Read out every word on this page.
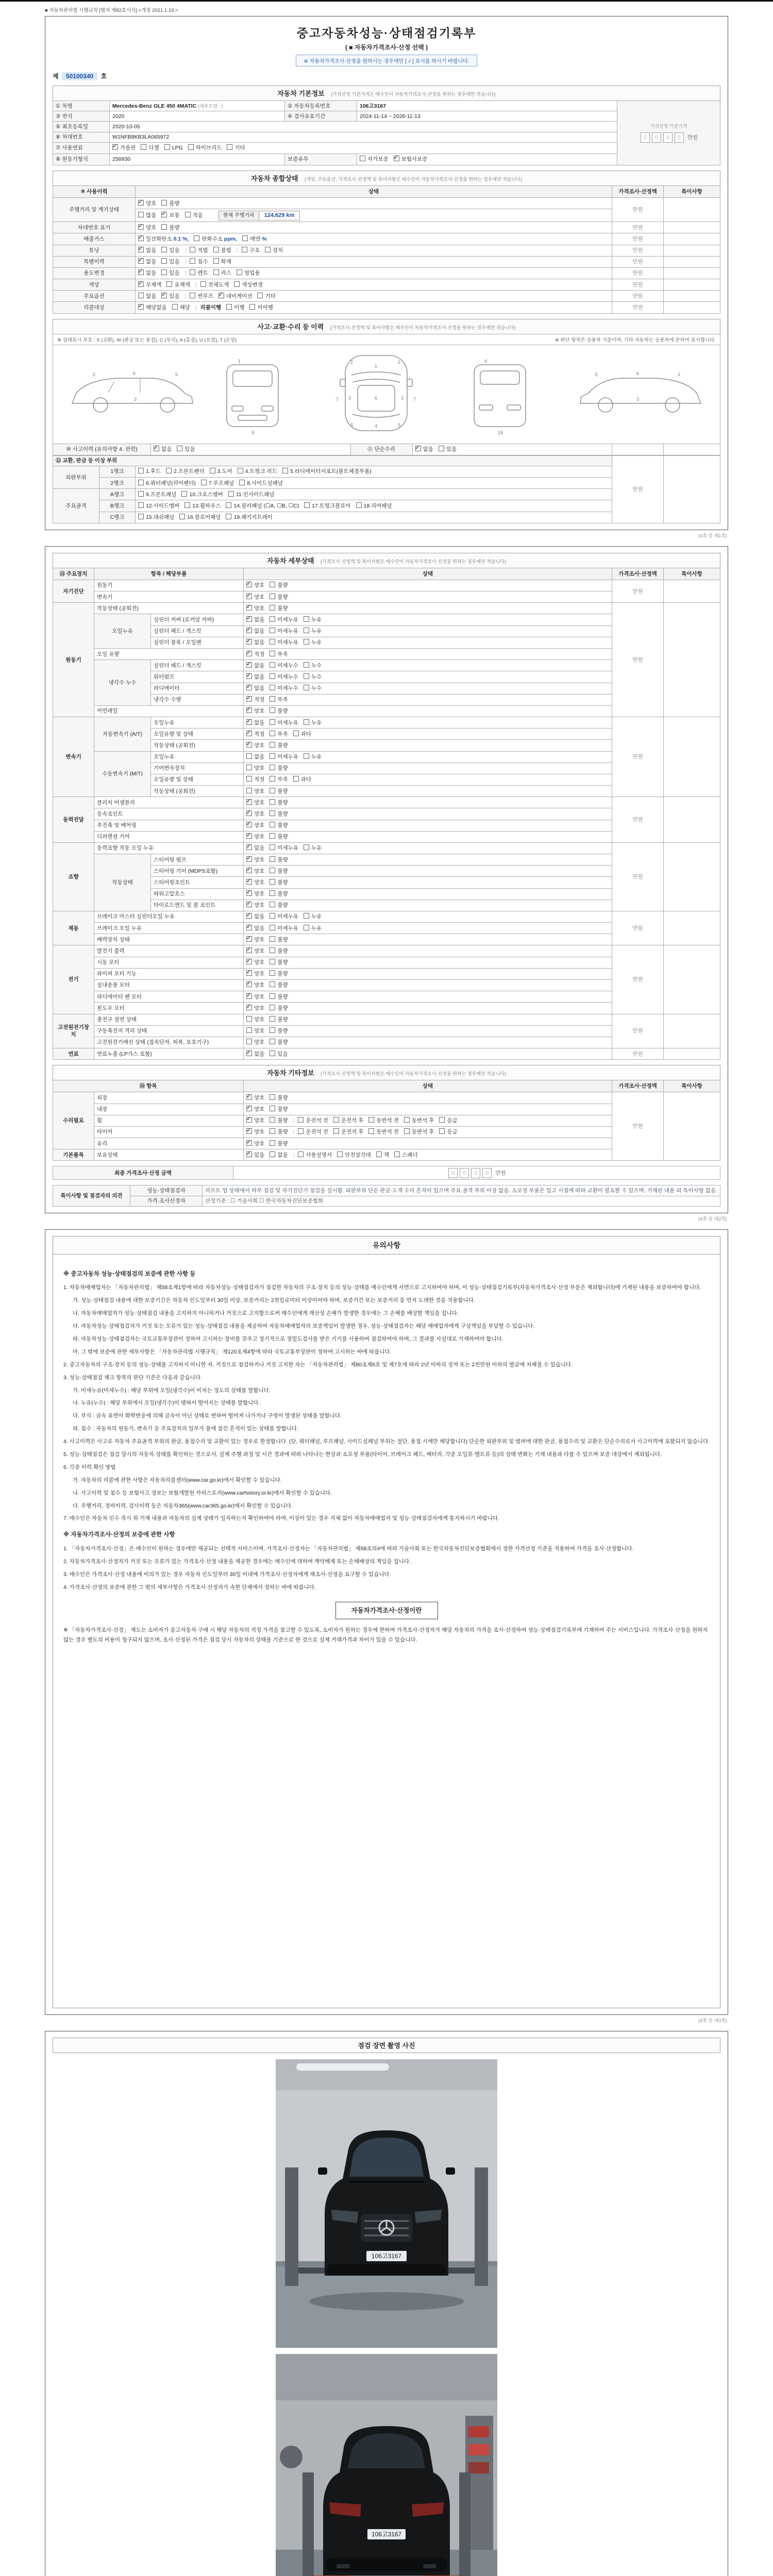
■ 자동차관리법 시행규칙 [별지 제82호서식] <개정 2021.1.19.>
중고자동차성능·상태점검기록부
( ■ 자동차가격조사·산정 선택 )
※ 자동차가격조사·산정을 원하시는 경우에만 [ √ ] 표시를 하시기 바랍니다.
제 50100340 호
자동차 기본정보 (가격산정 기준가격은 매수인이 자동차가격조사·산정을 원하는 경우에만 적습니다)
① 차명	Mercedes-Benz GLE 450 4MATIC (세부모델 : )	② 자동차등록번호	106고3167	가격산정 기준가격
0 0 0 0 만원

③ 연식	2020	④ 검사유효기간	2024-11-14 ~ 2026-11-13	
⑤ 최초등록일	2020-10-05			
⑥ 차대번호	W1NFB8KB3LA065972			
⑦ 사용연료	✓가솔린 디젤 LPG 하이브리드 기타
⑧ 원동기형식	256930	보증유무	자가보증 ✓ 보험사보증
자동차 종합상태 (색상, 주요옵션, 가격조사·산정액 및 특이사항은 매수인이 자동차가격조사·산정을 원하는 경우에만 적습니다)
⑨ 사용이력	상태	가격조사·산정액	특이사항
주행거리 및 계기상태	✓양호 불량	만원	
	많음 ✓ 보통 적음 현재 주행거리 124,629 km
차대번호 표기	✓양호 불량	만원	
배출가스	✓일산화탄소 0.1 %, 탄화수소 ppm, 매연 %	만원	
튜닝	✓없음 있음 | 적법 불법 | 구조 장치	만원	
특별이력	✓없음 있음 | 침수 화재	만원	
용도변경	✓없음 있음 | 렌트 리스 영업용	만원	
색상	✓무채색 유채색 | 전체도색 색상변경	만원	
주요옵션	없음 ✓ 있음 | 썬루프 ✓ 네비게이션 기타	만원	
리콜대상	✓해당없음 해당 | 리콜이행 이행 미이행	만원	
사고·교환·수리 등 이력 (가격조사·산정액 및 특이사항은 매수인이 자동차가격조사·산정을 원하는 경우에만 적습니다)
※ 상태표시 부호 : X (교환), W (판금 또는 용접), C (부식), A (흠집), U (요철), T (손상)	※ 하단 항목은 승용차 기준이며, 기타 자동차는 승용차에 준하여 표시합니다.
6
2	5
3
9
1
1
6
4
2	2
3	3
5	5
7	7
18
4
6	2
5
3
⑩ 사고이력 (유의사항 4. 관련)	✓없음 있음	⑪ 단순수리	✓없음 있음		
⑫ 교환, 판금 등 이상 부위			만원	
외판부위	1랭크	1.후드 2.프론트펜더 3.도어 4.트렁크 리드 5.라디에이터서포트(볼트체결부품)		
	2랭크	6.쿼터패널(리어펜더) 7.루프패널 8.사이드실패널		
주요골격	A랭크	9.프론트패널 10.크로스멤버 11.인사이드패널		
	B랭크	12.사이드멤버 13.휠하우스 14.필러패널 (☐A, ☐B, ☐C) 17.트렁크플로어 18.리어패널		
	C랭크	15.대쉬패널 16.플로어패널 19.패키지트레이		
(4쪽 중 제1쪽)
자동차 세부상태 (가격조사·산정액 및 특이사항은 매수인이 자동차가격조사·산정을 원하는 경우에만 적습니다)
⑬ 주요장치	항목 / 해당부품		상태	가격조사·산정액	특이사항
자기진단	원동기	✓양호 불량	만원	
	변속기	✓양호 불량
원동기	작동상태 (공회전)	✓양호 불량	만원	
	오일누유	실린더 커버 (로커암 커버)	✓없음 미세누유 누유
		실린더 헤드 / 개스킷	✓없음 미세누유 누유
		실린더 블록 / 오일팬	✓없음 미세누유 누유
	오일 유량	✓적정 부족
	냉각수 누수	실린더 헤드 / 개스킷	✓없음 미세누수 누수
		워터펌프	✓없음 미세누수 누수
		라디에이터	✓없음 미세누수 누수
		냉각수 수량	✓적정 부족
	커먼레일	✓양호 불량
변속기	자동변속기 (A/T)	오일누유	✓없음 미세누유 누유	만원	
		오일유량 및 상태	✓적정 부족 과다
		작동상태 (공회전)	✓양호 불량
	수동변속기 (M/T)	오일누유	없음 미세누유 누유		
		기어변속장치	양호 불량		
		오일유량 및 상태	적정 부족 과다		
		작동상태 (공회전)	양호 불량		
동력전달	클러치 어셈블리	✓양호 불량	만원	
	등속조인트	✓양호 불량
	추진축 및 베어링	✓양호 불량
	디퍼렌셜 기어	✓양호 불량
조향	동력조향 작동 오일 누유	✓없음 미세누유 누유	만원	
	작동상태	스티어링 펌프	✓양호 불량
		스티어링 기어 (MDPS포함)	✓양호 불량
		스티어링조인트	✓양호 불량
		파워고압호스	✓양호 불량
		타이로드엔드 및 볼 조인트	✓양호 불량
제동	브레이크 마스터 실린더오일 누유	✓없음 미세누유 누유	만원	
	브레이크 오일 누유	✓없음 미세누유 누유
	배력장치 상태	✓양호 불량
전기	발전기 출력	✓양호 불량	만원	
	시동 모터	✓양호 불량
	와이퍼 모터 기능	✓양호 불량
	실내송풍 모터	✓양호 불량
	라디에이터 팬 모터	✓양호 불량
	윈도우 모터	✓양호 불량
고전원전기장치	충전구 절연 상태		양호 불량	만원	
	구동축전지 격리 상태		양호 불량		
	고전원전기배선 상태 (접속단자, 피복, 보호기구)		양호 불량		
연료	연료누출 (LP가스 포함)	✓없음 있음	만원	
자동차 기타정보 (가격조사·산정액 및 특이사항은 매수인이 자동차가격조사·산정을 원하는 경우에만 적습니다)
⑭ 항목		상태	가격조사·산정액	특이사항
수리필요	외장	✓양호 불량	만원	
	내장	✓양호 불량
	휠	✓양호 불량 | 운전석 전 운전석 후 동반석 전 동반석 후 응급
	타이어	✓양호 불량 | 운전석 전 운전석 후 동반석 전 동반석 후 응급
	유리	✓양호 불량
기본품목	보유상태	✓있음 없음 | 사용설명서 안전삼각대 잭 스패너
최종 가격조사·산정 금액	0 0 0 0 만원
특이사항 및 점검자의 의견	성능·상태점검자	리프트 업 상태에서 하부 점검 및 자기진단기 점검을 실시함. 외판부위 단순 판금·도색 수리 흔적이 있으며 주요 골격 부위 이상 없음. 소모성 부품은 입고 시점에 따라 교환이 필요할 수 있으며, 기재된 내용 외 특이사항 없음.
	가격·조사산정자	산정기준 : ☐ 기술사회 ☐ 한국자동차진단보증협회
(4쪽 중 제2쪽)
유의사항
※ 중고자동차 성능·상태점검의 보증에 관한 사항 등
1. 자동차매매업자는 「자동차관리법」 제58조제1항에 따라 자동차성능·상태점검자가 점검한 자동차의 구조·장치 등의 성능·상태를 매수인에게 서면으로 고지하여야 하며, 이 성능·상태점검기록부(자동차가격조사·산정 부분은 제외합니다)에 기재된 내용을 보증하여야 합니다.
가. 성능·상태점검 내용에 대한 보증기간은 자동차 인도일부터 30일 이상, 보증거리는 2천킬로미터 이상이어야 하며, 보증기간 또는 보증거리 중 먼저 도래한 것을 적용합니다.
나. 자동차매매업자가 성능·상태점검 내용을 고지하지 아니하거나 거짓으로 고지함으로써 매수인에게 재산상 손해가 발생한 경우에는 그 손해를 배상할 책임을 집니다.
다. 자동차성능·상태점검자가 거짓 또는 오류가 있는 성능·상태점검 내용을 제공하여 자동차매매업자의 보증책임이 발생한 경우, 성능·상태점검자는 해당 매매업자에게 구상책임을 부담할 수 있습니다.
라. 자동차성능·상태점검자는 국토교통부장관이 정하여 고시하는 장비를 갖추고 정기적으로 정밀도검사를 받은 기기를 사용하여 점검하여야 하며, 그 결과를 사실대로 기재하여야 합니다.
마. 그 밖에 보증에 관한 세부사항은 「자동차관리법 시행규칙」 제120조제4항에 따라 국토교통부장관이 정하여 고시하는 바에 따릅니다.
2. 중고자동차의 구조·장치 등의 성능·상태를 고지하지 아니한 자, 거짓으로 점검하거나 거짓 고지한 자는 「자동차관리법」 제80조제6호 및 제7호에 따라 2년 이하의 징역 또는 2천만원 이하의 벌금에 처해질 수 있습니다.
3. 성능·상태점검 체크 항목의 판단 기준은 다음과 같습니다.
가. 미세누유(미세누수) : 해당 부위에 오일(냉각수)이 비치는 정도의 상태를 말합니다.
나. 누유(누수) : 해당 부위에서 오일(냉각수)이 맺혀서 떨어지는 상태를 말합니다.
다. 부식 : 금속 표면이 화학반응에 의해 금속이 아닌 상태로 변하여 떨어져 나가거나 구멍이 발생된 상태를 말합니다.
라. 침수 : 자동차의 원동기, 변속기 등 주요장치의 일부가 물에 잠긴 흔적이 있는 상태를 말합니다.
4. 사고이력은 사고로 자동차 주요골격 부위의 판금, 용접수리 및 교환이 있는 경우로 한정합니다. (단, 쿼터패널, 루프패널, 사이드실패널 부위는 절단, 용접 시에만 해당합니다) 단순한 외판부위 및 범퍼에 대한 판금, 용접수리 및 교환은 단순수리로서 사고이력에 포함되지 않습니다.
5. 성능·상태점검은 점검 당시의 자동차 상태를 확인하는 것으로서, 실제 주행 과정 및 시간 경과에 따라 나타나는 현상과 소모성 부품(타이어, 브레이크 패드, 배터리, 각종 오일류·벨트류 등)의 상태 변화는 기재 내용과 다를 수 있으며 보증 대상에서 제외됩니다.
6. 각종 이력 확인 방법
가. 자동차의 리콜에 관한 사항은 자동차리콜센터(www.car.go.kr)에서 확인할 수 있습니다.
나. 사고이력 및 침수 등 보험사고 정보는 보험개발원 카히스토리(www.carhistory.or.kr)에서 확인할 수 있습니다.
다. 주행거리, 정비이력, 검사이력 등은 자동차365(www.car365.go.kr)에서 확인할 수 있습니다.
7. 매수인은 자동차 인수 즉시 위 기재 내용과 자동차의 실제 상태가 일치하는지 확인하여야 하며, 이상이 있는 경우 지체 없이 자동차매매업자 및 성능·상태점검자에게 통지하시기 바랍니다.
※ 자동차가격조사·산정의 보증에 관한 사항
1. 「자동차가격조사·산정」은 매수인이 원하는 경우에만 제공되는 선택적 서비스이며, 가격조사·산정자는 「자동차관리법」 제58조의4에 따라 기술사회 또는 한국자동차진단보증협회에서 정한 가격산정 기준을 적용하여 가격을 조사·산정합니다.
2. 자동차가격조사·산정자가 거짓 또는 오류가 있는 가격조사·산정 내용을 제공한 경우에는 매수인에 대하여 계약해제 또는 손해배상의 책임을 집니다.
3. 매수인은 가격조사·산정 내용에 이의가 있는 경우 자동차 인도일부터 30일 이내에 가격조사·산정자에게 재조사·산정을 요구할 수 있습니다.
4. 가격조사·산정의 보증에 관한 그 밖의 세부사항은 가격조사·산정자가 속한 단체에서 정하는 바에 따릅니다.
자동차가격조사·산정이란
※ 「자동차가격조사·산정」 제도는 소비자가 중고자동차 구매 시 해당 자동차의 적정 가격을 참고할 수 있도록, 소비자가 원하는 경우에 한하여 가격조사·산정자가 해당 자동차의 가격을 조사·산정하여 성능·상태점검기록부에 기재하여 주는 서비스입니다. 가격조사·산정을 원하지 않는 경우 별도의 비용이 청구되지 않으며, 조사·산정된 가격은 점검 당시 자동차의 상태를 기준으로 한 것으로 실제 거래가격과 차이가 있을 수 있습니다.
(4쪽 중 제3쪽)
점검 장면 촬영 사진
106고3167
106고3167
